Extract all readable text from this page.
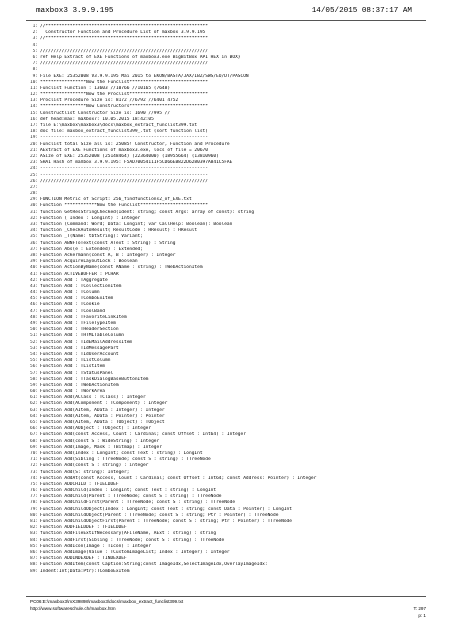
maxbox3 3.9.9.195	14/05/2015 08:37:17 AM
1: //************************************************************
2:  Constructor Function and Procedure List of maxbox 3.9.9.195
3: //************************************************************
4:
5: //////////////////////////////////////////////////////////////
6: ref Help Extract of EXE Functions of maxbox3.exe BigBitBox API HEX in BOX}
7: //////////////////////////////////////////////////////////////
8:
9: File EXE: 25352008 V3.9.9.195 Mai 2015 to EKON/BASTA/JAX/IBZ/SWS/EO/DT/PASCON
10: *****************Now the Funclist*****************************
11: Funclist Function : 13603 //10766 //10165 (7648)
12: *****************Now the Proclist*****************************
13: Proclist Procedure Size is: 8172 //6792 //6401 4752
14: *****************Now Constructors*****************************
15: Constructlist Constructor Size is: 1690 //995 //
16: def head:max: maXbox7: 10.05.2015 18:42:05
17: file E:\maxbox\maxbox3\docs\maxbox_extract_funclist399.txt
18: doc file: maxbox_extract_funclist399_.txt (sort function list)
19: --------------------------------------------------------------
20: Funclist total Size all is: 25085! Constructor, Function and Procedure
21: AExtract of EXE Functions of maxbox3.exe, locs of file = 20670
22: ASize of EXE: 25352008 (25148464) (22364000) (18955664) (13810960)
23: SHA1 Hash of maXbox 3.9.9.195: F5AD70054111F5CD66EB822D6280397A841C5FAE
24: --------------------------------------------------------------
25: --------------------------------------------------------------
26: //////////////////////////////////////////////////////////////
27:
28:
29: FUNCTION Metric of Script: 256_findfunctions2_of_EXE.txt
30: Function ************Now the Funclist*************************
31: function GetResStringChecked(Ident: string; const Args: array of const): string
32: Function ( Index : Longint) : Integer
33: function (Command: Word; Data: Longint; var CallHelp: Boolean): Boolean
34: function _CheckAutoResult( ResultCode : HResult) : HResult
35: function _T(Name: tbtString): Variant;
36: function ABNFToText(const AText : String) : String
37: Function Abs(e : Extended) : Extended;
38: Function Ackermann(const A, B : Integer) : Integer
39: Function AcquireLayoutLock : Boolean
40: Function ActionByName(const AName : string) : TWebActionItem
41: Function ACTIVEBUFFER : PCHAR
42: Function Add : TAggregate
43: function Add : TCollectionItem
44: Function Add : TColumn
45: Function Add : TComboExItem
46: Function Add : TCookie
47: Function Add : TCoolBand
48: Function Add : TFavoriteLinkItem
49: Function Add : TFileTypeItem
50: Function Add : THeaderSection
51: Function Add : THTMLTableColumn
52: Function Add : TIdEMailAddressItem
53: Function Add : TIdMessagePart
54: Function Add : TIdUserAccount
55: Function Add : TListColumn
56: Function Add : TListItem
57: Function Add : TStatusPanel
58: Function Add : TTaskDialogBaseButtonItem
59: Function Add : TWebActionItem
60: Function Add : TWorkArea
61: Function Add(AClass : TClass) : Integer
62: Function Add(AComponent : TComponent) : Integer
63: Function Add(AItem, AData : Integer) : Integer
64: Function Add(AItem, AData : Pointer) : Pointer
65: Function Add(AItem, AData : TObject) : TObject
66: Function Add(AObject : TObject) : Integer
67: Function Add(const Access, Count : Cardinal; const Offset : Int64) : Integer
68: Function Add(const S : WideString) : Integer
69: Function Add(Image, Mask : TBitmap) : Integer
70: Function Add(Index : LongInt; const Text : string) : LongInt
71: Function Add(Sibling : TTreeNode; const S : string) : TTreeNode
72: Function Add(const S : string) : integer
73: function Add(S: string): Integer;
74: Function AddAt(const Access, Count : Cardinal; const Offset : Int64; const Address: Pointer) : Integer
75: Function ADDCHILD : TFIELDDEF
76: Function AddChild(Index : LongInt; const Text : string) : LongInt
77: Function AddChild(Parent : TTreeNode; const S : string) : TTreeNode
78: Function AddChildFirst(Parent : TTreeNode; const S : string) : TTreeNode
79: Function AddChildObject(Index : LongInt; const Text : string; const Data : Pointer) : LongInt
80: Function AddChildObject(Parent : TTreeNode; const S : string; Ptr : Pointer) : TTreeNode
81: Function AddChildObjectFirst(Parent : TTreeNode; const S : string; Ptr : Pointer) : TTreeNode
82: Function ADDFIELDDEF : TFIELDDEF
83: function AddFileExtIfNecessary(AFileName, AExt : string) : string
84: Function AddFirst(Sibling : TTreeNode; const S : string) : TTreeNode
85: Function AddIcon(Image : TIcon) : Integer
86: Function AddImage(Value : TCustomImageList; Index : Integer) : Integer
87: Function ADDINDEXDEF : TINDEXDEF
88: Function AddItem(const Caption:String;const ImageIdx,SelectImageIdx,OverlayImageIdx:
89: Indent:Int;Data:Ptr):TComboExItem
PC06:E:\maxbox3\mX39898\maxbox3\docs\maxbox_extract_funclist399.txt
http://www.softwareschule.ch/maxbox.htm	T: 297
p: 1
